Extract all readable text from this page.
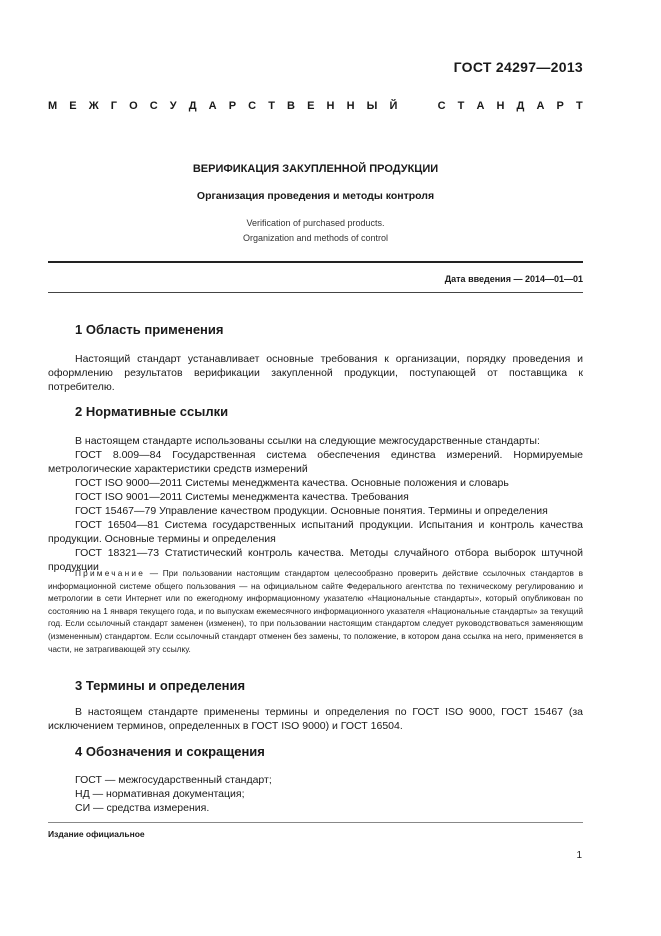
ГОСТ 24297—2013
М Е Ж Г О С У Д А Р С Т В Е Н Н Ы Й	С Т А Н Д А Р Т
ВЕРИФИКАЦИЯ ЗАКУПЛЕННОЙ ПРОДУКЦИИ
Организация проведения и методы контроля
Verification of purchased products.
Organization and methods of control
Дата введения — 2014—01—01
1 Область применения
Настоящий стандарт устанавливает основные требования к организации, порядку проведения и оформлению результатов верификации закупленной продукции, поступающей от поставщика к потребителю.
2 Нормативные ссылки
В настоящем стандарте использованы ссылки на следующие межгосударственные стандарты:
ГОСТ 8.009—84 Государственная система обеспечения единства измерений. Нормируемые метрологические характеристики средств измерений
ГОСТ ISO 9000—2011 Системы менеджмента качества. Основные положения и словарь
ГОСТ ISO 9001—2011 Системы менеджмента качества. Требования
ГОСТ 15467—79 Управление качеством продукции. Основные понятия. Термины и определения
ГОСТ 16504—81 Система государственных испытаний продукции. Испытания и контроль качества продукции. Основные термины и определения
ГОСТ 18321—73 Статистический контроль качества. Методы случайного отбора выборок штучной продукции
Примечание — При пользовании настоящим стандартом целесообразно проверить действие ссылочных стандартов в информационной системе общего пользования — на официальном сайте Федерального агентства по техническому регулированию и метрологии в сети Интернет или по ежегодному информационному указателю «Национальные стандарты», который опубликован по состоянию на 1 января текущего года, и по выпускам ежемесячного информационного указателя «Национальные стандарты» за текущий год. Если ссылочный стандарт заменен (изменен), то при пользовании настоящим стандартом следует руководствоваться заменяющим (измененным) стандартом. Если ссылочный стандарт отменен без замены, то положение, в котором дана ссылка на него, применяется в части, не затрагивающей эту ссылку.
3 Термины и определения
В настоящем стандарте применены термины и определения по ГОСТ ISO 9000, ГОСТ 15467 (за исключением терминов, определенных в ГОСТ ISO 9000) и ГОСТ 16504.
4 Обозначения и сокращения
ГОСТ — межгосударственный стандарт;
НД — нормативная документация;
СИ — средства измерения.
Издание официальное
1
